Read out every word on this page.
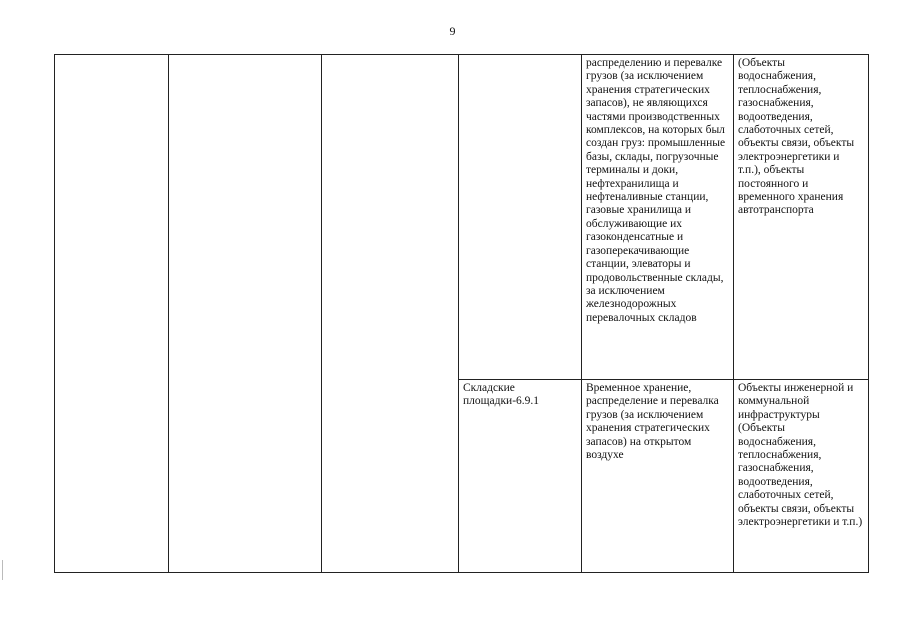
9
				распределению и перевалке грузов (за исключением хранения стратегических запасов), не являющихся частями производственных комплексов, на которых был создан груз: промышленные базы, склады, погрузочные терминалы и доки, нефтехранилища и нефтеналивные станции, газовые хранилища и обслуживающие их газоконденсатные и газоперекачивающие станции, элеваторы и продовольственные склады, за исключением железнодорожных перевалочных складов	(Объекты водоснабжения, теплоснабжения, газоснабжения, водоотведения, слаботочных сетей, объекты связи, объекты электроэнергетики и т.п.), объекты постоянного и временного хранения автотранспорта
			Складские площадки-6.9.1	Временное хранение, распределение и перевалка грузов (за исключением хранения стратегических запасов) на открытом воздухе	Объекты инженерной и коммунальной инфраструктуры (Объекты водоснабжения, теплоснабжения, газоснабжения, водоотведения, слаботочных сетей, объекты связи, объекты электроэнергетики и т.п.)
